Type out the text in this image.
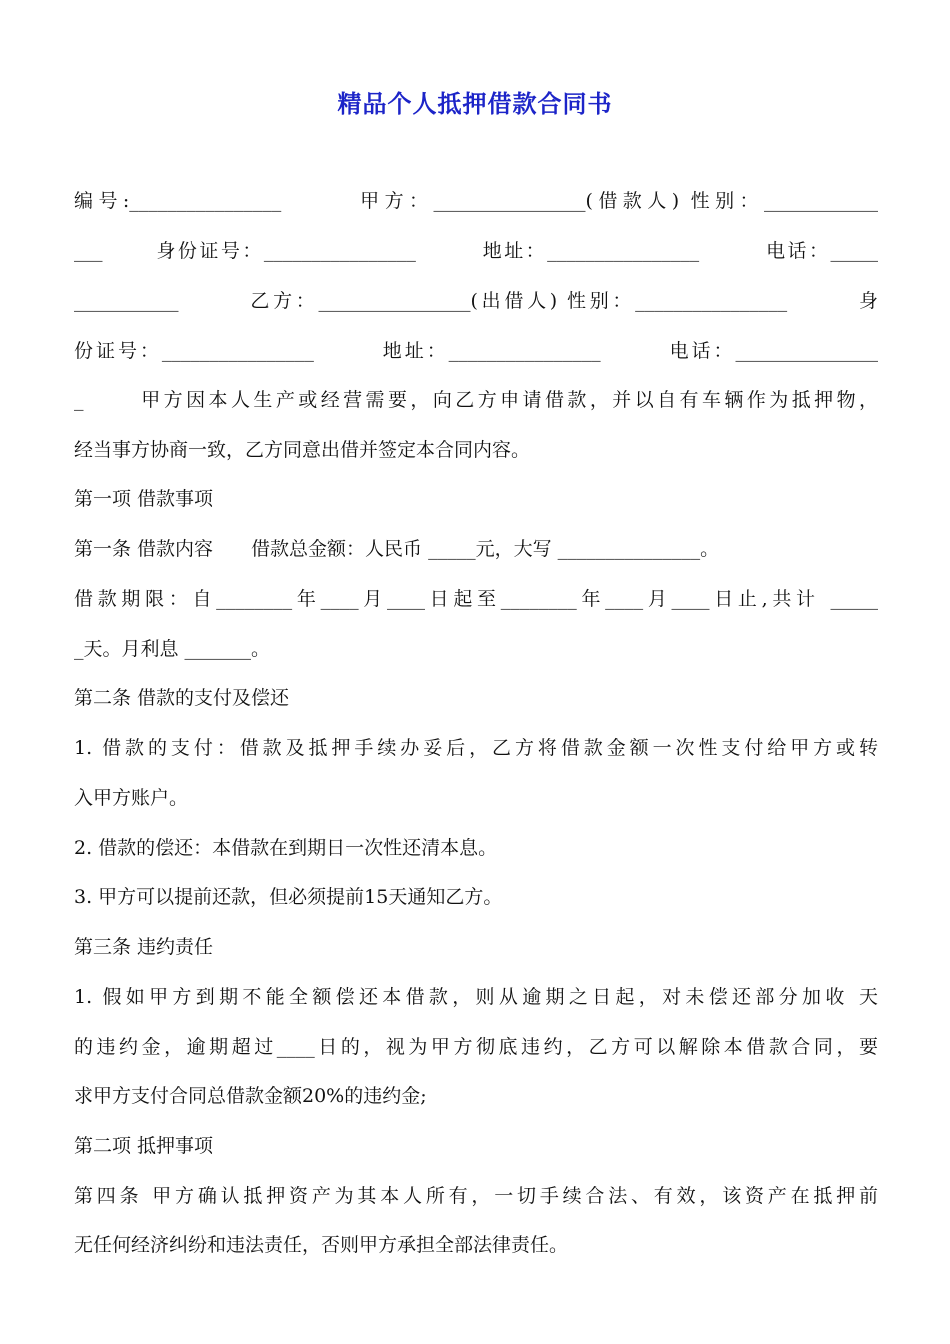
精品个人抵押借款合同书
编号:________________　　　甲方：________________(借款人) 性别：____________
___　　 身份证号：________________　　　地址：________________　　　电话：_____
___________　　　乙方：________________(出借人) 性别：________________　　　身
份证号：________________　　　地址：________________　　　电话：_______________
_　　 甲方因本人生产或经营需要，向乙方申请借款，并以自有车辆作为抵押物，
经当事方协商一致，乙方同意出借并签定本合同内容。
第一项 借款事项
第一条 借款内容　　借款总金额：人民币 _____元，大写 _______________。
借款期限：自________年____月____日起至________年____月____日止,共计 _____
_天。月利息 _______。
第二条 借款的支付及偿还
1. 借款的支付：借款及抵押手续办妥后，乙方将借款金额一次性支付给甲方或转
入甲方账户。
2. 借款的偿还：本借款在到期日一次性还清本息。
3. 甲方可以提前还款，但必须提前15天通知乙方。
第三条 违约责任
1. 假如甲方到期不能全额偿还本借款，则从逾期之日起，对未偿还部分加收 天
的违约金，逾期超过____日的，视为甲方彻底违约，乙方可以解除本借款合同，要
求甲方支付合同总借款金额20%的违约金;
第二项 抵押事项
第四条 甲方确认抵押资产为其本人所有，一切手续合法、有效，该资产在抵押前
无任何经济纠纷和违法责任，否则甲方承担全部法律责任。
